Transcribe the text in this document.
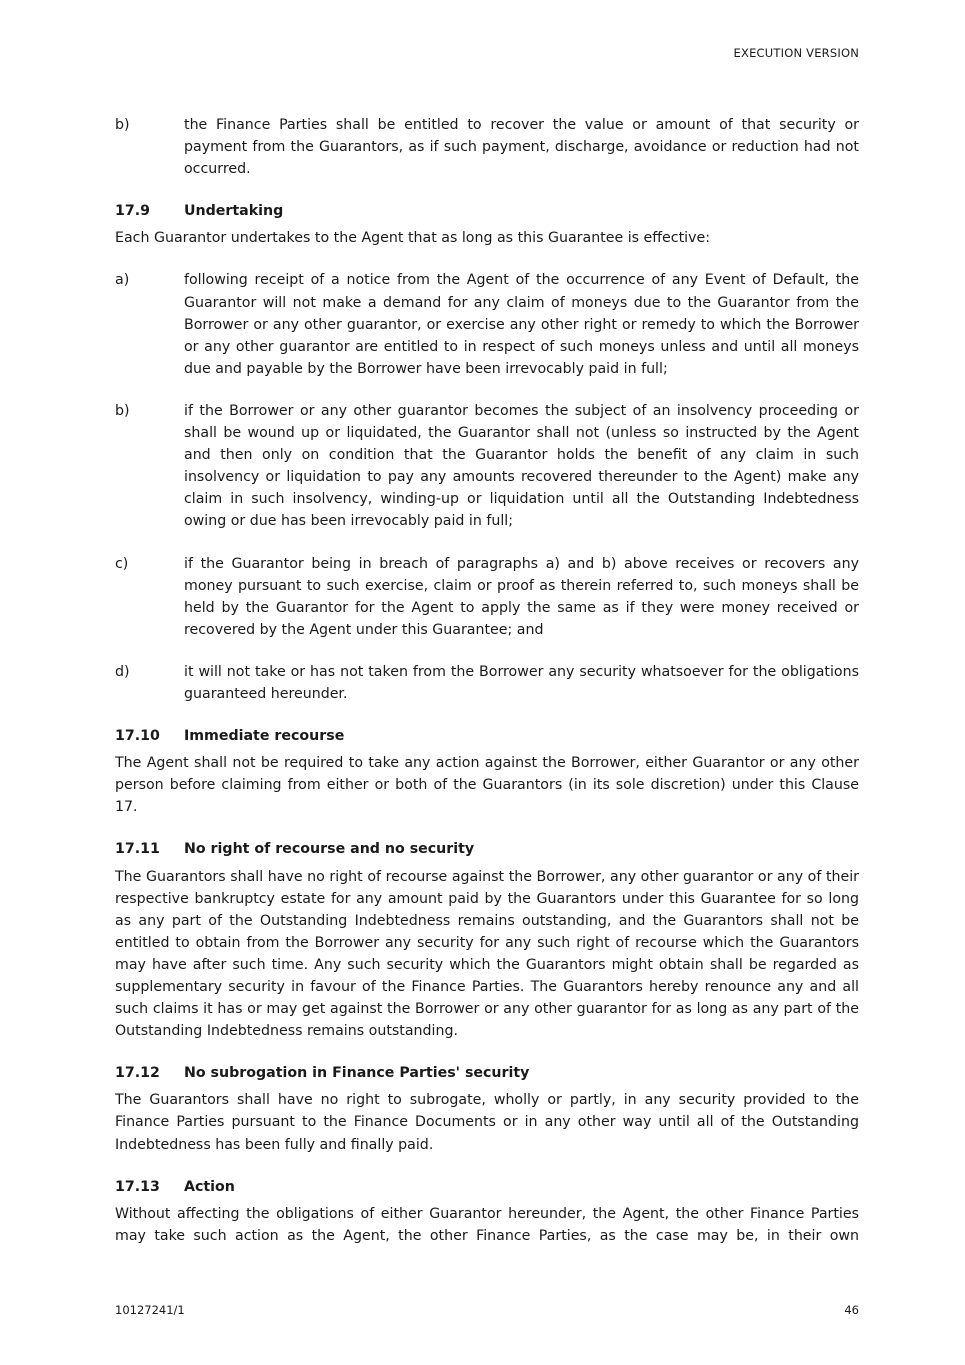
EXECUTION VERSION
b)	the Finance Parties shall be entitled to recover the value or amount of that security or payment from the Guarantors, as if such payment, discharge, avoidance or reduction had not occurred.
17.9	Undertaking
Each Guarantor undertakes to the Agent that as long as this Guarantee is effective:
a)	following receipt of a notice from the Agent of the occurrence of any Event of Default, the Guarantor will not make a demand for any claim of moneys due to the Guarantor from the Borrower or any other guarantor, or exercise any other right or remedy to which the Borrower or any other guarantor are entitled to in respect of such moneys unless and until all moneys due and payable by the Borrower have been irrevocably paid in full;
b)	if the Borrower or any other guarantor becomes the subject of an insolvency proceeding or shall be wound up or liquidated, the Guarantor shall not (unless so instructed by the Agent and then only on condition that the Guarantor holds the benefit of any claim in such insolvency or liquidation to pay any amounts recovered thereunder to the Agent) make any claim in such insolvency, winding-up or liquidation until all the Outstanding Indebtedness owing or due has been irrevocably paid in full;
c)	if the Guarantor being in breach of paragraphs a) and b) above receives or recovers any money pursuant to such exercise, claim or proof as therein referred to, such moneys shall be held by the Guarantor for the Agent to apply the same as if they were money received or recovered by the Agent under this Guarantee; and
d)	it will not take or has not taken from the Borrower any security whatsoever for the obligations guaranteed hereunder.
17.10	Immediate recourse
The Agent shall not be required to take any action against the Borrower, either Guarantor or any other person before claiming from either or both of the Guarantors (in its sole discretion) under this Clause 17.
17.11	No right of recourse and no security
The Guarantors shall have no right of recourse against the Borrower, any other guarantor or any of their respective bankruptcy estate for any amount paid by the Guarantors under this Guarantee for so long as any part of the Outstanding Indebtedness remains outstanding, and the Guarantors shall not be entitled to obtain from the Borrower any security for any such right of recourse which the Guarantors may have after such time. Any such security which the Guarantors might obtain shall be regarded as supplementary security in favour of the Finance Parties. The Guarantors hereby renounce any and all such claims it has or may get against the Borrower or any other guarantor for as long as any part of the Outstanding Indebtedness remains outstanding.
17.12	No subrogation in Finance Parties' security
The Guarantors shall have no right to subrogate, wholly or partly, in any security provided to the Finance Parties pursuant to the Finance Documents or in any other way until all of the Outstanding Indebtedness has been fully and finally paid.
17.13	Action
Without affecting the obligations of either Guarantor hereunder, the Agent, the other Finance Parties may take such action as the Agent, the other Finance Parties, as the case may be, in their own
10127241/1	46
